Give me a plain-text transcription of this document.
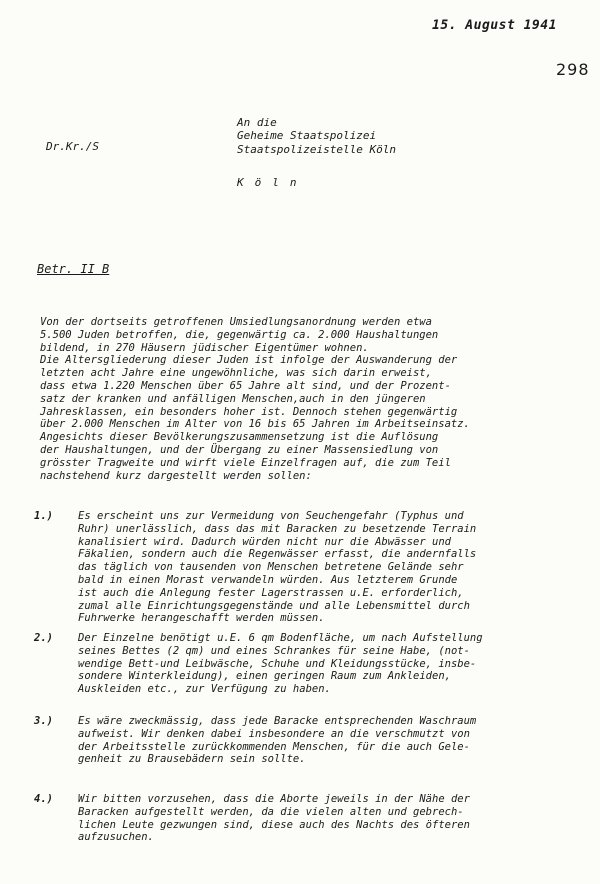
15. August 1941
298
Dr.Kr./S
An die
Geheime Staatspolizei
Staatspolizeistelle Köln
Köln
Betr. II B
Von der dortseits getroffenen Umsiedlungsanordnung werden etwa
5.500 Juden betroffen, die, gegenwärtig ca. 2.000 Haushaltungen
bildend, in 270 Häusern jüdischer Eigentümer wohnen.
Die Altersgliederung dieser Juden ist infolge der Auswanderung der
letzten acht Jahre eine ungewöhnliche, was sich darin erweist,
dass etwa 1.220 Menschen über 65 Jahre alt sind, und der Prozent-
satz der kranken und anfälligen Menschen,auch in den jüngeren
Jahresklassen, ein besonders hoher ist. Dennoch stehen gegenwärtig
über 2.000 Menschen im Alter von 16 bis 65 Jahren im Arbeitseinsatz.
Angesichts dieser Bevölkerungszusammensetzung ist die Auflösung
der Haushaltungen, und der Übergang zu einer Massensiedlung von
grösster Tragweite und wirft viele Einzelfragen auf, die zum Teil
nachstehend kurz dargestellt werden sollen:
1.)	Es erscheint uns zur Vermeidung von Seuchengefahr (Typhus und
Ruhr) unerlässlich, dass das mit Baracken zu besetzende Terrain
kanalisiert wird. Dadurch würden nicht nur die Abwässer und
Fäkalien, sondern auch die Regenwässer erfasst, die andernfalls
das täglich von tausenden von Menschen betretene Gelände sehr
bald in einen Morast verwandeln würden. Aus letzterem Grunde
ist auch die Anlegung fester Lagerstrassen u.E. erforderlich,
zumal alle Einrichtungsgegenstände und alle Lebensmittel durch
Fuhrwerke herangeschafft werden müssen.
2.)	Der Einzelne benötigt u.E. 6 qm Bodenfläche, um nach Aufstellung
seines Bettes (2 qm) und eines Schrankes für seine Habe, (not-
wendige Bett-und Leibwäsche, Schuhe und Kleidungsstücke, insbe-
sondere Winterkleidung), einen geringen Raum zum Ankleiden,
Auskleiden etc., zur Verfügung zu haben.
3.)	Es wäre zweckmässig, dass jede Baracke entsprechenden Waschraum
aufweist. Wir denken dabei insbesondere an die verschmutzt von
der Arbeitsstelle zurückkommenden Menschen, für die auch Gele-
genheit zu Brausebädern sein sollte.
4.)	Wir bitten vorzusehen, dass die Aborte jeweils in der Nähe der
Baracken aufgestellt werden, da die vielen alten und gebrech-
lichen Leute gezwungen sind, diese auch des Nachts des öfteren
aufzusuchen.
